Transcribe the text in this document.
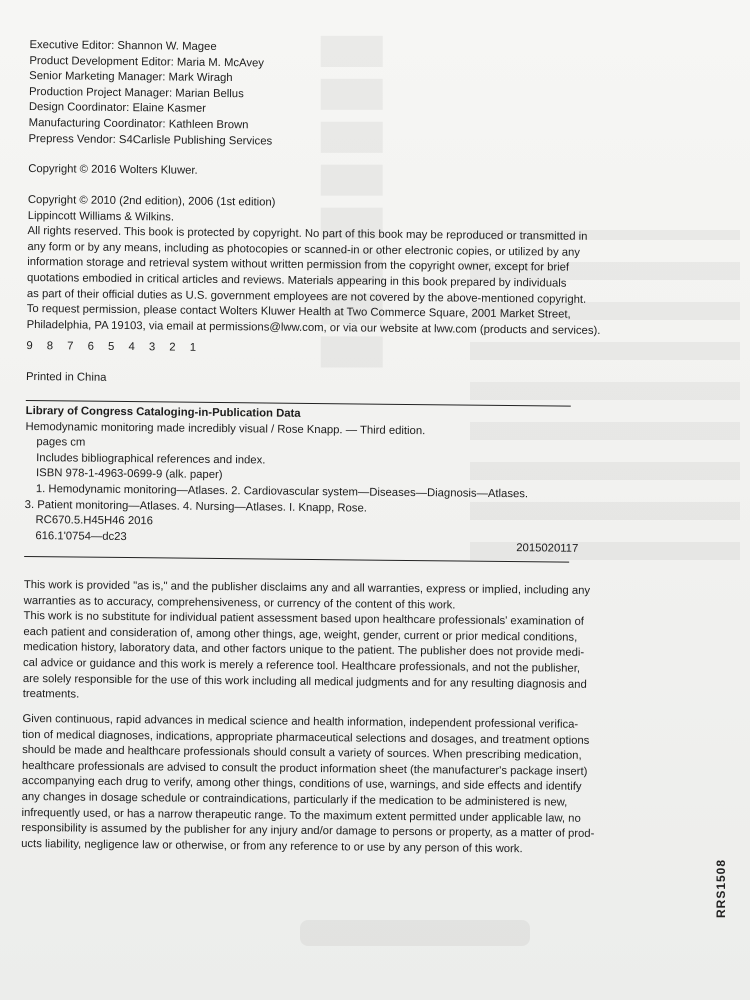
Executive Editor: Shannon W. Magee
Product Development Editor: Maria M. McAvey
Senior Marketing Manager: Mark Wiragh
Production Project Manager: Marian Bellus
Design Coordinator: Elaine Kasmer
Manufacturing Coordinator: Kathleen Brown
Prepress Vendor: S4Carlisle Publishing Services
Copyright © 2016 Wolters Kluwer.
Copyright © 2010 (2nd edition), 2006 (1st edition)
Lippincott Williams & Wilkins.
All rights reserved. This book is protected by copyright. No part of this book may be reproduced or transmitted in
any form or by any means, including as photocopies or scanned-in or other electronic copies, or utilized by any
information storage and retrieval system without written permission from the copyright owner, except for brief
quotations embodied in critical articles and reviews. Materials appearing in this book prepared by individuals
as part of their official duties as U.S. government employees are not covered by the above-mentioned copyright.
To request permission, please contact Wolters Kluwer Health at Two Commerce Square, 2001 Market Street,
Philadelphia, PA 19103, via email at permissions@lww.com, or via our website at lww.com (products and services).
9 8 7 6 5 4 3 2 1
Printed in China
Library of Congress Cataloging-in-Publication Data
Hemodynamic monitoring made incredibly visual / Rose Knapp. — Third edition.
pages cm
Includes bibliographical references and index.
ISBN 978-1-4963-0699-9 (alk. paper)
1. Hemodynamic monitoring—Atlases. 2. Cardiovascular system—Diseases—Diagnosis—Atlases.
3. Patient monitoring—Atlases. 4. Nursing—Atlases. I. Knapp, Rose.
RC670.5.H45H46 2016
616.1'0754—dc23
2015020117
This work is provided "as is," and the publisher disclaims any and all warranties, express or implied, including any
warranties as to accuracy, comprehensiveness, or currency of the content of this work.
This work is no substitute for individual patient assessment based upon healthcare professionals' examination of
each patient and consideration of, among other things, age, weight, gender, current or prior medical conditions,
medication history, laboratory data, and other factors unique to the patient. The publisher does not provide medi-
cal advice or guidance and this work is merely a reference tool. Healthcare professionals, and not the publisher,
are solely responsible for the use of this work including all medical judgments and for any resulting diagnosis and
treatments.
Given continuous, rapid advances in medical science and health information, independent professional verifica-
tion of medical diagnoses, indications, appropriate pharmaceutical selections and dosages, and treatment options
should be made and healthcare professionals should consult a variety of sources. When prescribing medication,
healthcare professionals are advised to consult the product information sheet (the manufacturer's package insert)
accompanying each drug to verify, among other things, conditions of use, warnings, and side effects and identify
any changes in dosage schedule or contraindications, particularly if the medication to be administered is new,
infrequently used, or has a narrow therapeutic range. To the maximum extent permitted under applicable law, no
responsibility is assumed by the publisher for any injury and/or damage to persons or property, as a matter of prod-
ucts liability, negligence law or otherwise, or from any reference to or use by any person of this work.
RRS1508
